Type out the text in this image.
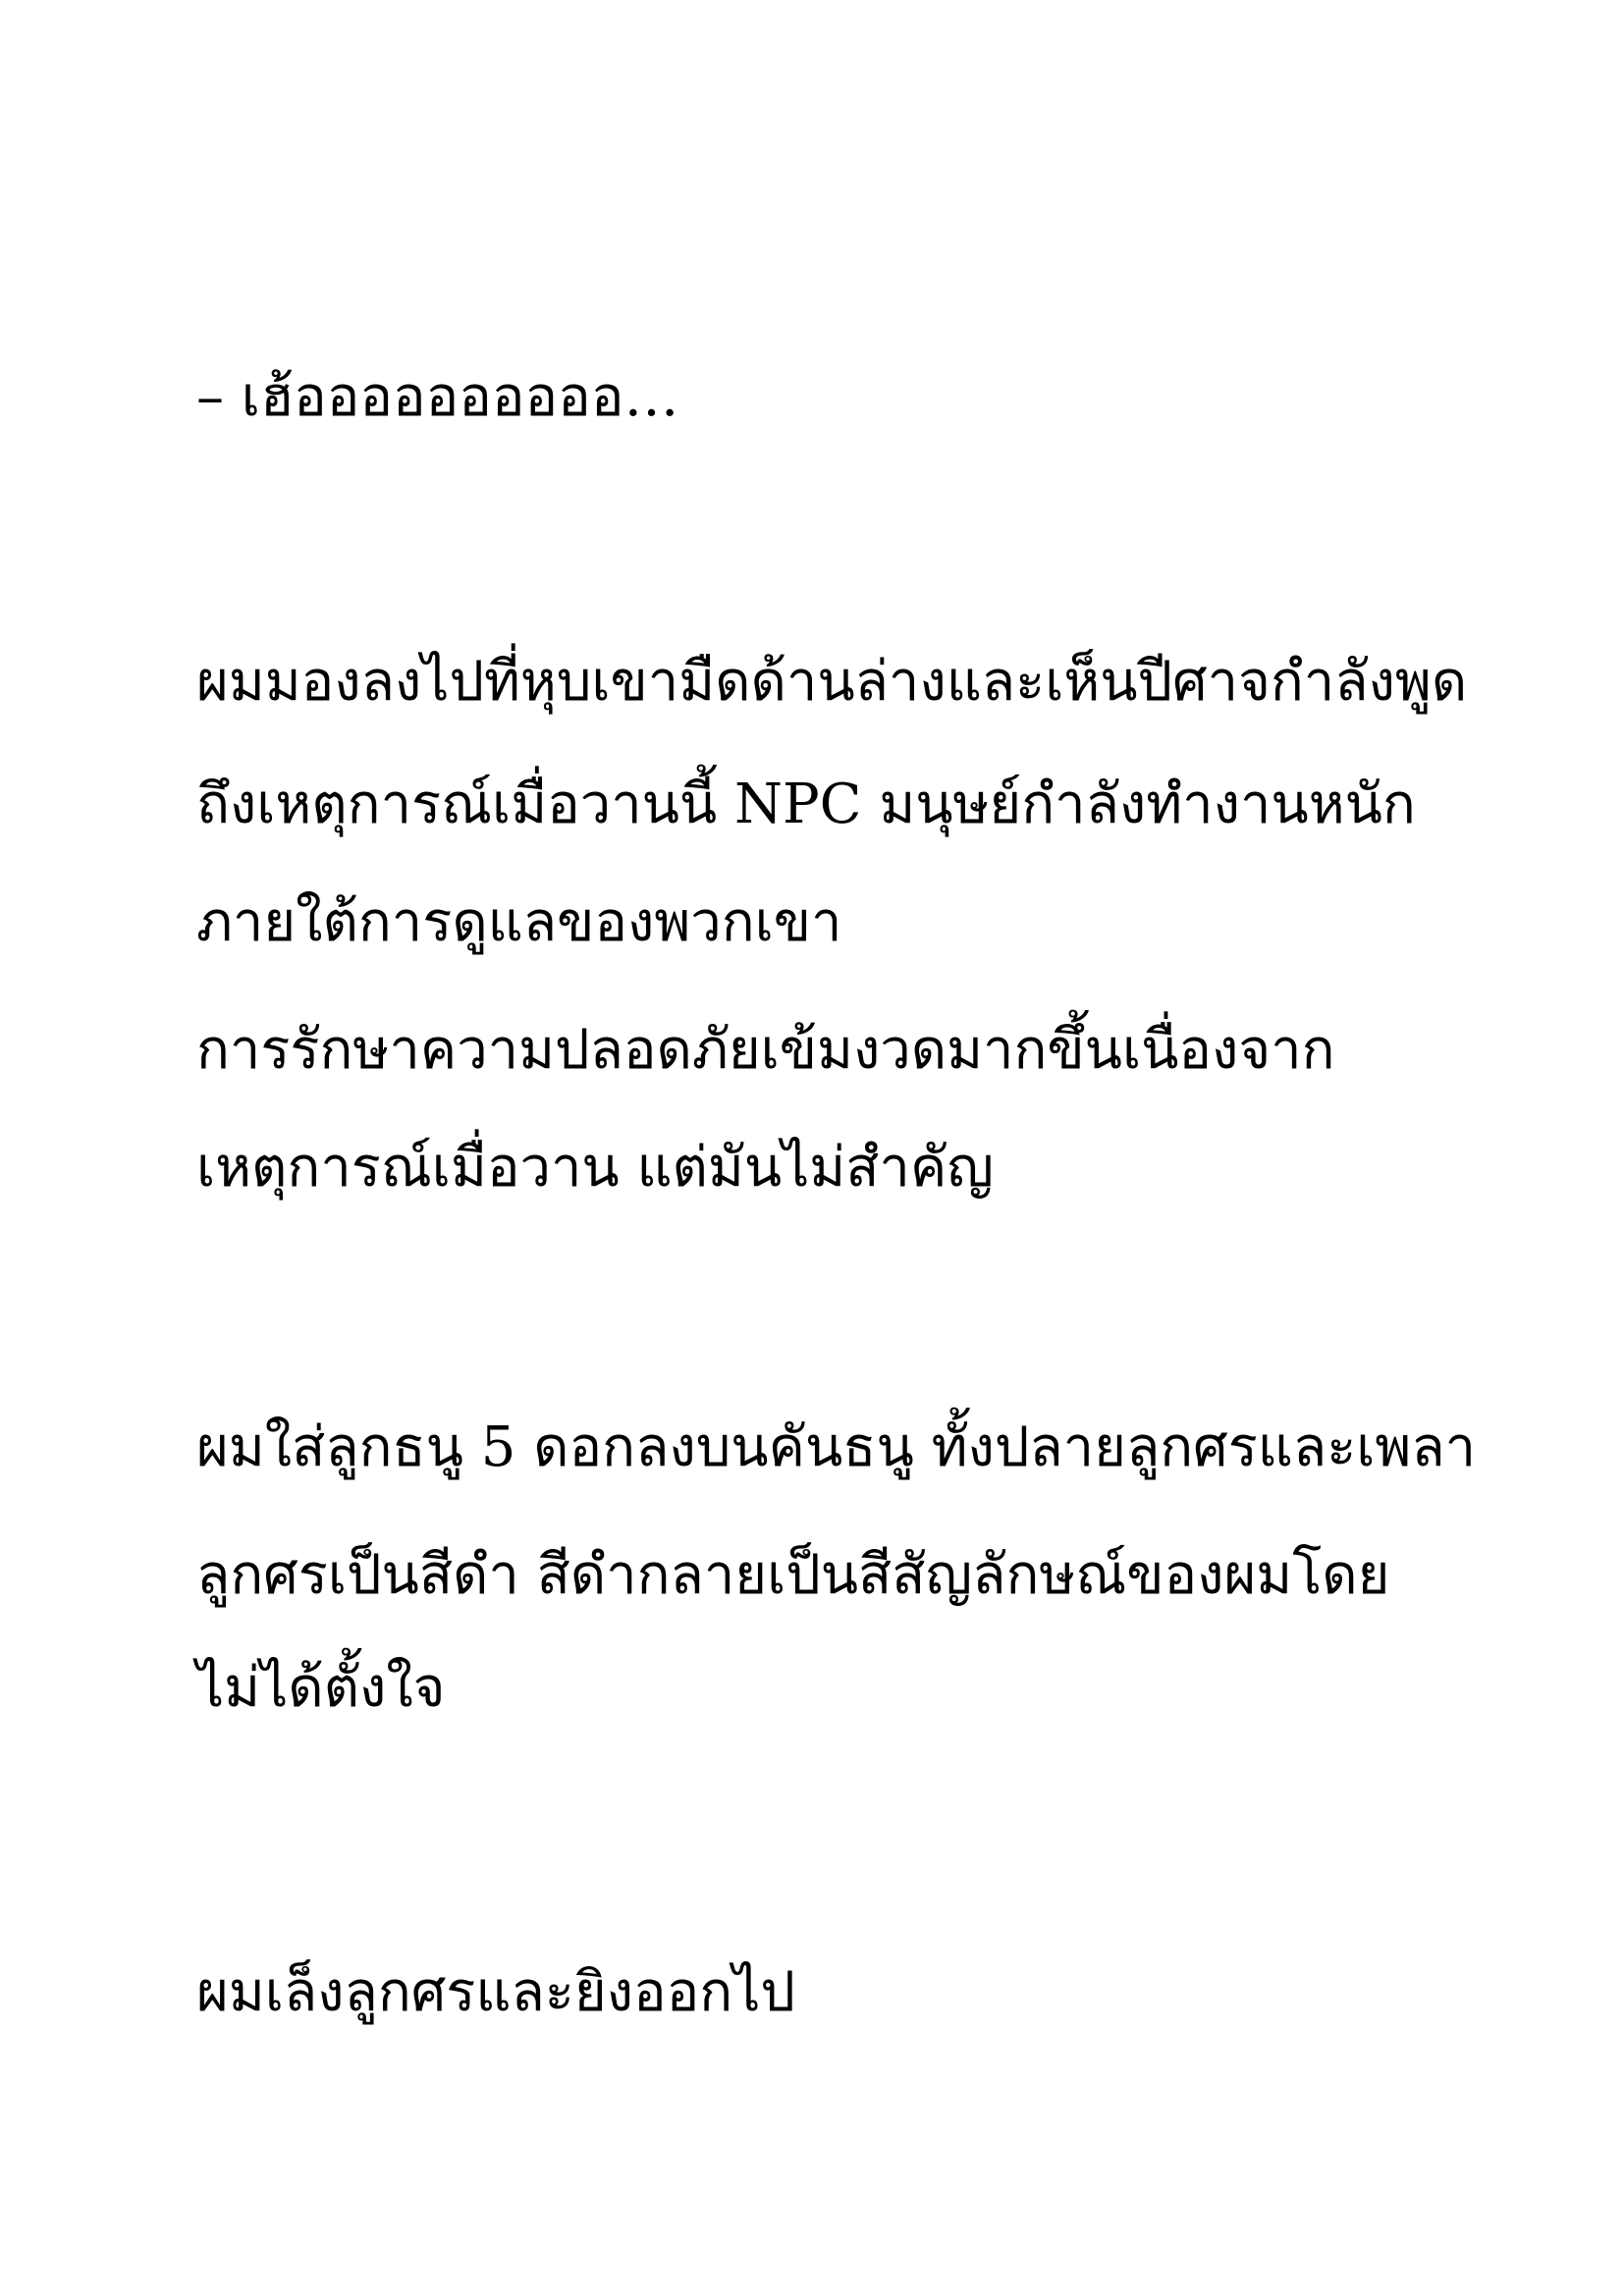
– เฮ้ออออออออออ…

ผมมองลงไปที่หุบเขามืดด้านล่างและเห็นปีศาจกำลังพูด

ถึงเหตุการณ์เมื่อวานนี้ NPC มนุษย์กำลังทำงานหนัก

ภายใต้การดูแลของพวกเขา

การรักษาความปลอดภัยเข้มงวดมากขึ้นเนื่องจาก

เหตุการณ์เมื่อวาน แต่มันไม่สำคัญ

ผมใส่ลูกธนู 5 ดอกลงบนคันธนู ทั้งปลายลูกศรและเพลา

ลูกศรเป็นสีดำ สีดำกลายเป็นสีสัญลักษณ์ของผมโดย

ไม่ได้ตั้งใจ

ผมเล็งลูกศรและยิงออกไป
